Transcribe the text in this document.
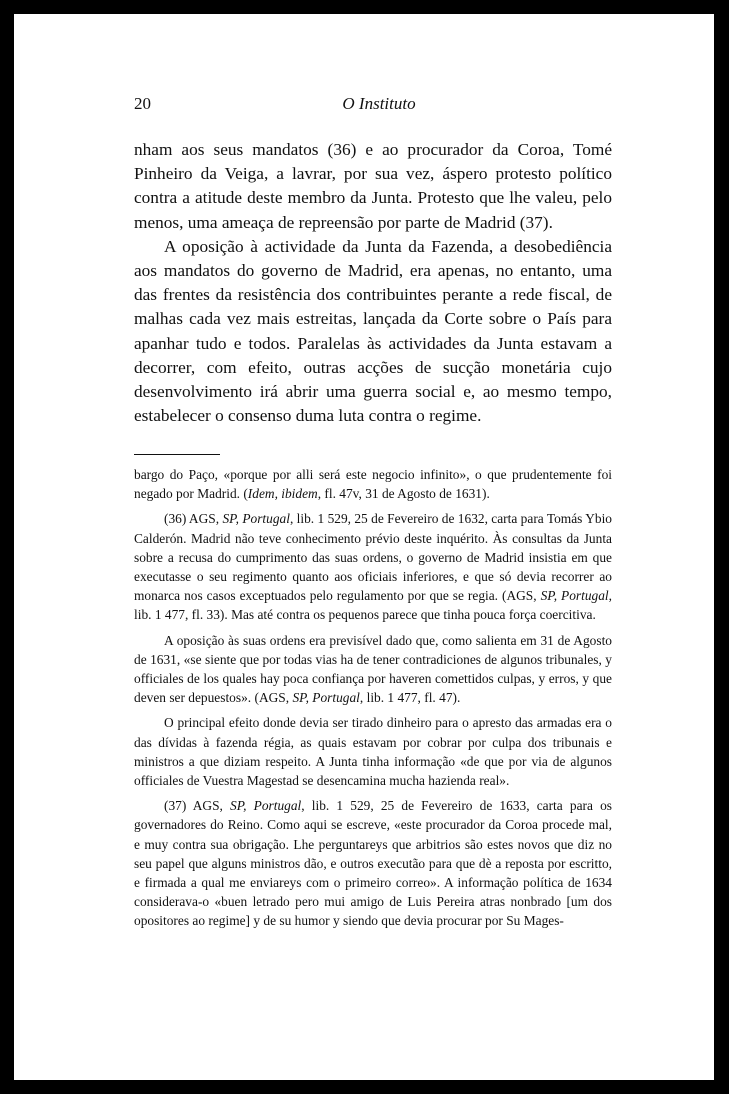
20	O Instituto

nham aos seus mandatos (36) e ao procurador da Coroa, Tomé Pinheiro da Veiga, a lavrar, por sua vez, áspero protesto político contra a atitude deste membro da Junta. Protesto que lhe valeu, pelo menos, uma ameaça de repreensão por parte de Madrid (37).

A oposição à actividade da Junta da Fazenda, a desobediência aos mandatos do governo de Madrid, era apenas, no entanto, uma das frentes da resistência dos contribuintes perante a rede fiscal, de malhas cada vez mais estreitas, lançada da Corte sobre o País para apanhar tudo e todos. Paralelas às actividades da Junta estavam a decorrer, com efeito, outras acções de sucção monetária cujo desenvolvimento irá abrir uma guerra social e, ao mesmo tempo, estabelecer o consenso duma luta contra o regime.

bargo do Paço, «porque por alli será este negocio infinito», o que prudentemente foi negado por Madrid. (Idem, ibidem, fl. 47v, 31 de Agosto de 1631).

(36) AGS, SP, Portugal, lib. 1 529, 25 de Fevereiro de 1632, carta para Tomás Ybio Calderón. Madrid não teve conhecimento prévio deste inquérito. Às consultas da Junta sobre a recusa do cumprimento das suas ordens, o governo de Madrid insistia em que executasse o seu regimento quanto aos oficiais inferiores, e que só devia recorrer ao monarca nos casos exceptuados pelo regulamento por que se regia. (AGS, SP, Portugal, lib. 1 477, fl. 33). Mas até contra os pequenos parece que tinha pouca força coercitiva.

A oposição às suas ordens era previsível dado que, como salienta em 31 de Agosto de 1631, «se siente que por todas vias ha de tener contradiciones de algunos tribunales, y officiales de los quales hay poca confiança por haveren comettidos culpas, y erros, y que deven ser depuestos». (AGS, SP, Portugal, lib. 1 477, fl. 47).

O principal efeito donde devia ser tirado dinheiro para o apresto das armadas era o das dívidas à fazenda régia, as quais estavam por cobrar por culpa dos tribunais e ministros a que diziam respeito. A Junta tinha informação «de que por via de algunos officiales de Vuestra Magestad se desencamina mucha hazienda real».

(37) AGS, SP, Portugal, lib. 1 529, 25 de Fevereiro de 1633, carta para os governadores do Reino. Como aqui se escreve, «este procurador da Coroa procede mal, e muy contra sua obrigação. Lhe perguntareys que arbitrios são estes novos que diz no seu papel que alguns ministros dão, e outros executão para que dè a reposta por escritto, e firmada a qual me envіareys com o primeiro correo». A informação política de 1634 considerava-o «buen letrado pero mui amigo de Luis Pereira atras nonbrado [um dos opositores ao regime] y de su humor y siendo que devia procurar por Su Mages-
